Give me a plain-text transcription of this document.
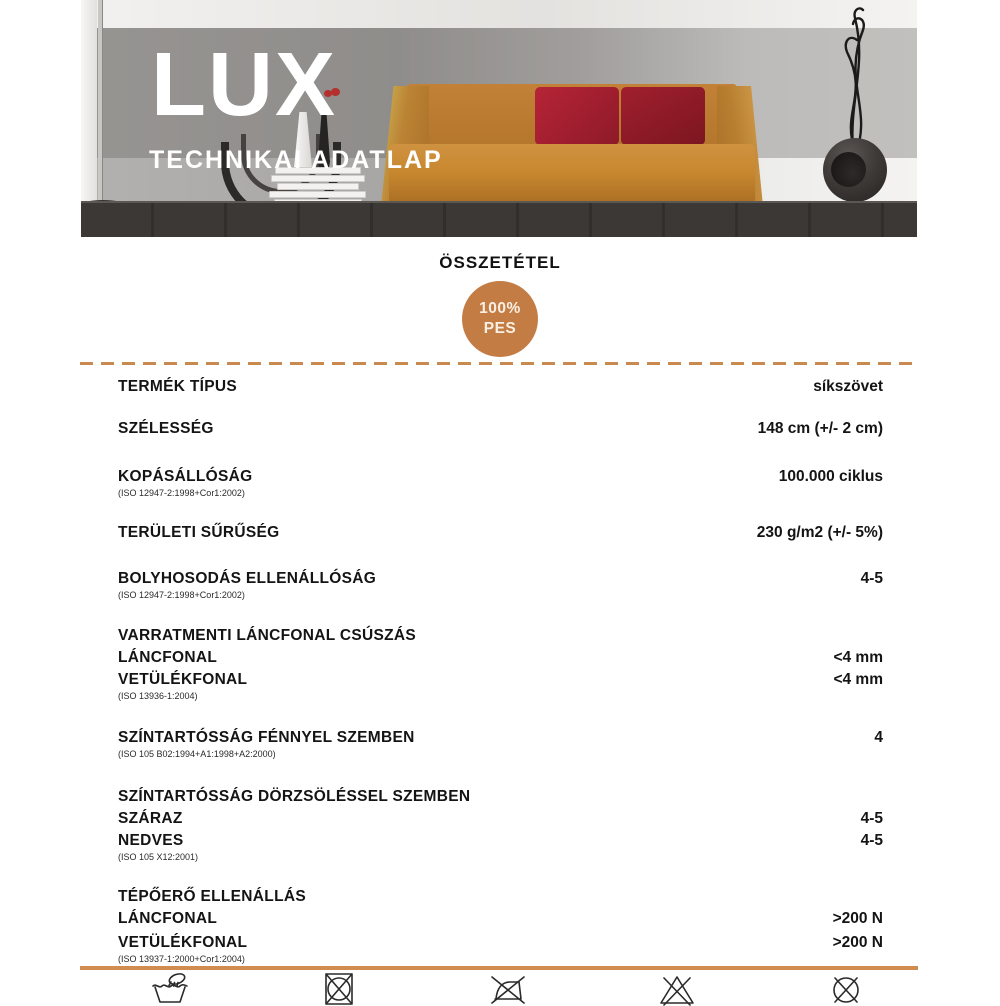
LUX
TECHNIKAI ADATLAP
ÖSSZETÉTEL
100%
PES
TERMÉK TÍPUS	síkszövet
SZÉLESSÉG	148 cm (+/- 2 cm)
KOPÁSÁLLÓSÁG	100.000 ciklus
(ISO 12947-2:1998+Cor1:2002)
TERÜLETI SŰRŰSÉG	230 g/m2 (+/- 5%)
BOLYHOSODÁS ELLENÁLLÓSÁG	4-5
(ISO 12947-2:1998+Cor1:2002)
VARRATMENTI LÁNCFONAL CSÚSZÁS
LÁNCFONAL	<4 mm
VETÜLÉKFONAL	<4 mm
(ISO 13936-1:2004)
SZÍNTARTÓSSÁG FÉNNYEL SZEMBEN	4
(ISO 105 B02:1994+A1:1998+A2:2000)
SZÍNTARTÓSSÁG DÖRZSÖLÉSSEL SZEMBEN
SZÁRAZ	4-5
NEDVES	4-5
(ISO 105 X12:2001)
TÉPŐERŐ ELLENÁLLÁS
LÁNCFONAL	>200 N
VETÜLÉKFONAL	>200 N
(ISO 13937-1:2000+Cor1:2004)
